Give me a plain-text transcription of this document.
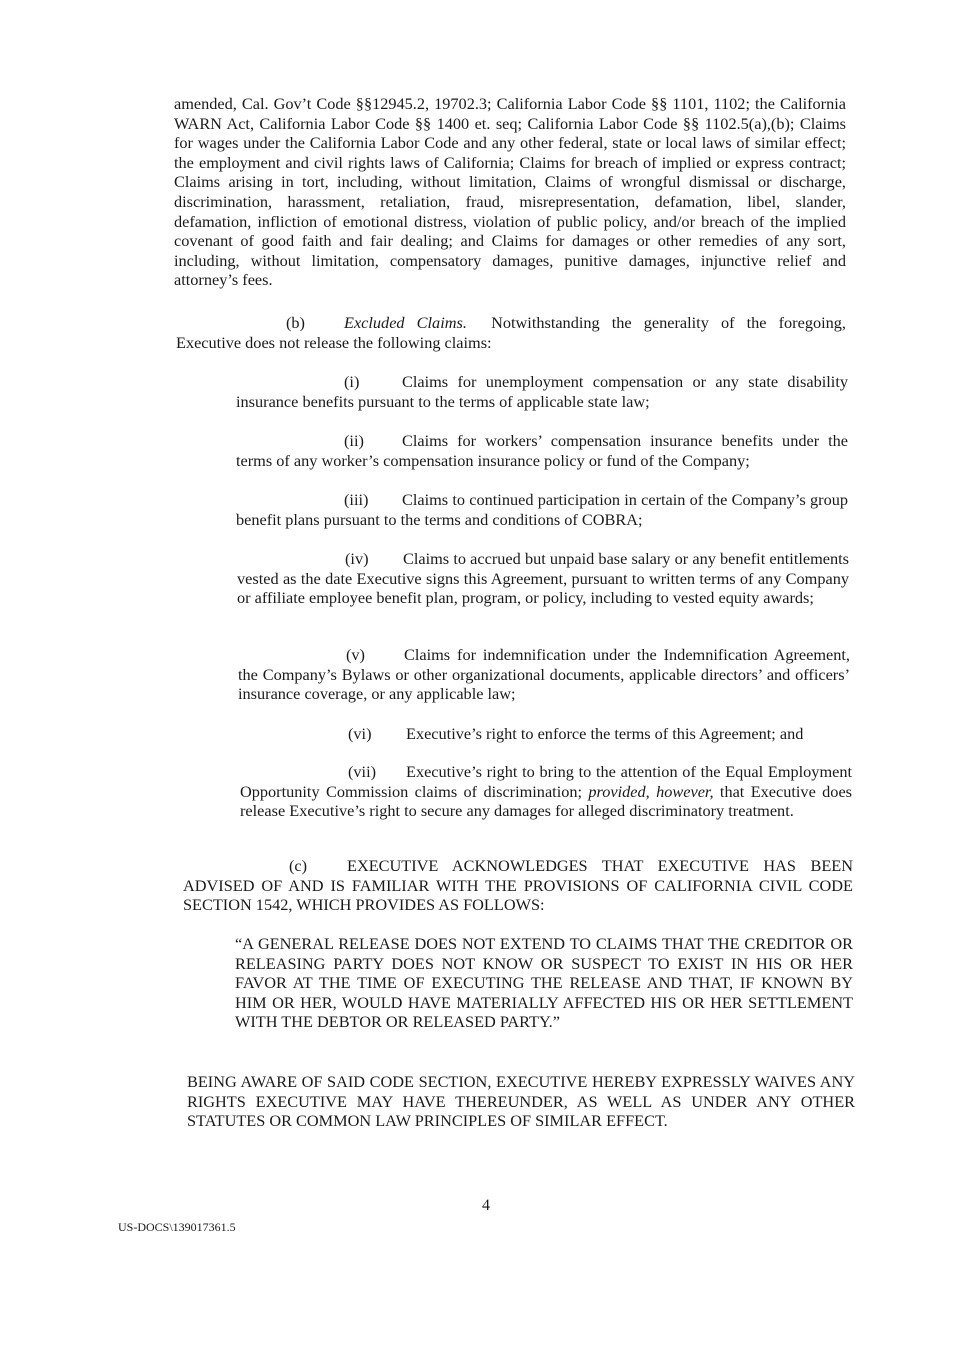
amended, Cal. Gov’t Code §§12945.2, 19702.3; California Labor Code §§ 1101, 1102; the California WARN Act, California Labor Code §§ 1400 et. seq; California Labor Code §§ 1102.5(a),(b); Claims for wages under the California Labor Code and any other federal, state or local laws of similar effect; the employment and civil rights laws of California; Claims for breach of implied or express contract; Claims arising in tort, including, without limitation, Claims of wrongful dismissal or discharge, discrimination, harassment, retaliation, fraud, misrepresentation, defamation, libel, slander, defamation, infliction of emotional distress, violation of public policy, and/or breach of the implied covenant of good faith and fair dealing; and Claims for damages or other remedies of any sort, including, without limitation, compensatory damages, punitive damages, injunctive relief and attorney’s fees.

(b) Excluded Claims. Notwithstanding the generality of the foregoing, Executive does not release the following claims:

(i)	Claims for unemployment compensation or any state disability insurance benefits pursuant to the terms of applicable state law;

(ii) Claims for workers’ compensation insurance benefits under the terms of any worker’s compensation insurance policy or fund of the Company;

(iii) Claims to continued participation in certain of the Company’s group benefit plans pursuant to the terms and conditions of COBRA;

(iv) Claims to accrued but unpaid base salary or any benefit entitlements vested as the date Executive signs this Agreement, pursuant to written terms of any Company or affiliate employee benefit plan, program, or policy, including to vested equity awards;

(v) Claims for indemnification under the Indemnification Agreement, the Company’s Bylaws or other organizational documents, applicable directors’ and officers’ insurance coverage, or any applicable law;

(vi) Executive’s right to enforce the terms of this Agreement; and

(vii) Executive’s right to bring to the attention of the Equal Employment Opportunity Commission claims of discrimination; provided, however, that Executive does release Executive’s right to secure any damages for alleged discriminatory treatment.

(c) EXECUTIVE ACKNOWLEDGES THAT EXECUTIVE HAS BEEN ADVISED OF AND IS FAMILIAR WITH THE PROVISIONS OF CALIFORNIA CIVIL CODE SECTION 1542, WHICH PROVIDES AS FOLLOWS:

“A GENERAL RELEASE DOES NOT EXTEND TO CLAIMS THAT THE CREDITOR OR RELEASING PARTY DOES NOT KNOW OR SUSPECT TO EXIST IN HIS OR HER FAVOR AT THE TIME OF EXECUTING THE RELEASE AND THAT, IF KNOWN BY HIM OR HER, WOULD HAVE MATERIALLY AFFECTED HIS OR HER SETTLEMENT WITH THE DEBTOR OR RELEASED PARTY.”

BEING AWARE OF SAID CODE SECTION, EXECUTIVE HEREBY EXPRESSLY WAIVES ANY RIGHTS EXECUTIVE MAY HAVE THEREUNDER, AS WELL AS UNDER ANY OTHER STATUTES OR COMMON LAW PRINCIPLES OF SIMILAR EFFECT.

4
US-DOCS\139017361.5
